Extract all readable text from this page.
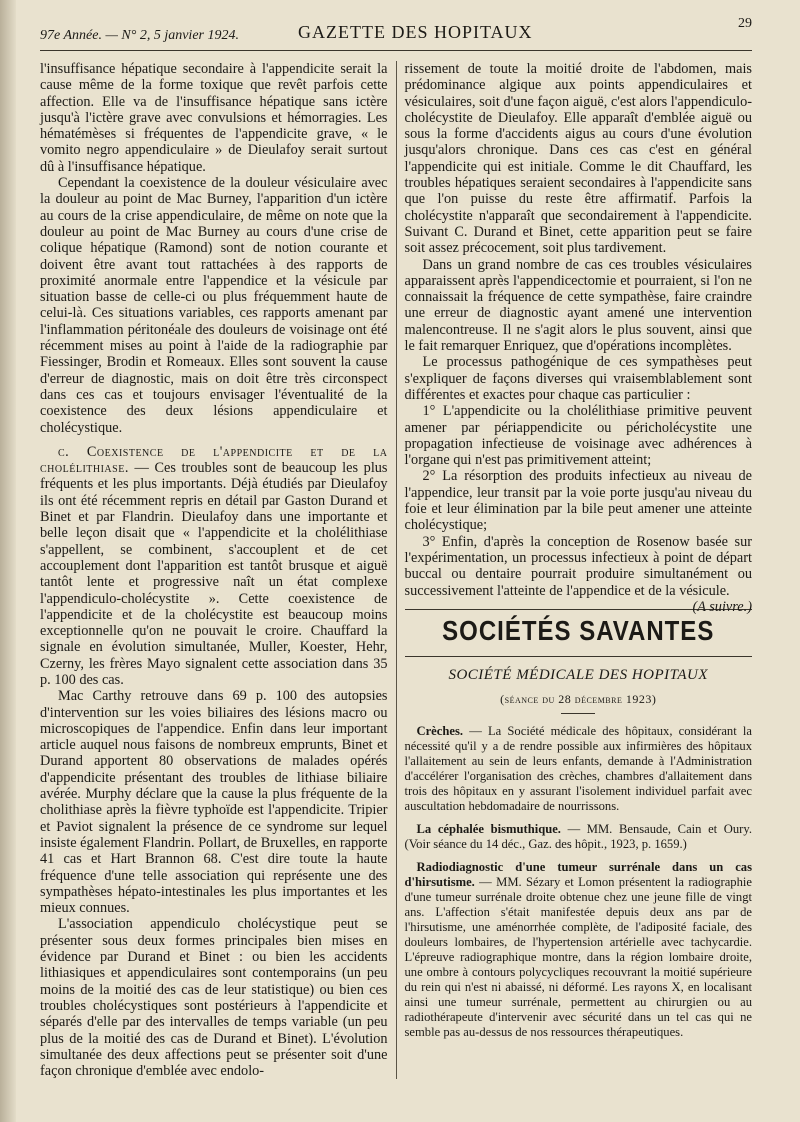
97e Année. — N° 2, 5 janvier 1924.	GAZETTE DES HOPITAUX	29

l'insuffisance hépatique secondaire à l'appendicite serait la cause même de la forme toxique que revêt parfois cette affection. Elle va de l'insuffisance hépatique sans ictère jusqu'à l'ictère grave avec convulsions et hémorragies. Les hématémèses si fréquentes de l'appendicite grave, « le vomito negro appendiculaire » de Dieulafoy serait surtout dû à l'insuffisance hépatique.

Cependant la coexistence de la douleur vésiculaire avec la douleur au point de Mac Burney, l'apparition d'un ictère au cours de la crise appendiculaire, de même on note que la douleur au point de Mac Burney au cours d'une crise de colique hépatique (Ramond) sont de notion courante et doivent être avant tout rattachées à des rapports de proximité anormale entre l'appendice et la vésicule par situation basse de celle-ci ou plus fréquemment haute de celui-là. Ces situations variables, ces rapports amenant par l'inflammation péritonéale des douleurs de voisinage ont été récemment mises au point à l'aide de la radiographie par Fiessinger, Brodin et Romeaux. Elles sont souvent la cause d'erreur de diagnostic, mais on doit être très circonspect dans ces cas et toujours envisager l'éventualité de la coexistence des deux lésions appendiculaire et cholécystique.

c. Coexistence de l'appendicite et de la cholélithiase. — Ces troubles sont de beaucoup les plus fréquents et les plus importants. Déjà étudiés par Dieulafoy ils ont été récemment repris en détail par Gaston Durand et Binet et par Flandrin. Dieulafoy dans une importante et belle leçon disait que « l'appendicite et la cholélithiase s'appellent, se combinent, s'accouplent et de cet accouplement dont l'apparition est tantôt brusque et aiguë tantôt lente et progressive naît un état complexe l'appendiculo-cholécystite ». Cette coexistence de l'appendicite et de la cholécystite est beaucoup moins exceptionnelle qu'on ne pouvait le croire. Chauffard la signale en évolution simultanée, Muller, Koester, Hehr, Czerny, les frères Mayo signalent cette association dans 35 p. 100 des cas.

Mac Carthy retrouve dans 69 p. 100 des autopsies d'intervention sur les voies biliaires des lésions macro ou microscopiques de l'appendice. Enfin dans leur important article auquel nous faisons de nombreux emprunts, Binet et Durand apportent 80 observations de malades opérés d'appendicite présentant des troubles de lithiase biliaire avérée. Murphy déclare que la cause la plus fréquente de la cholithiase après la fièvre typhoïde est l'appendicite. Tripier et Paviot signalent la présence de ce syndrome sur lequel insiste également Flandrin. Pollart, de Bruxelles, en rapporte 41 cas et Hart Brannon 68. C'est dire toute la haute fréquence d'une telle association qui représente une des sympathèses hépato-intestinales les plus importantes et les mieux connues.

L'association appendiculo cholécystique peut se présenter sous deux formes principales bien mises en évidence par Durand et Binet : ou bien les accidents lithiasiques et appendiculaires sont contemporains (un peu moins de la moitié des cas de leur statistique) ou bien ces troubles cholécystiques sont postérieurs à l'appendicite et séparés d'elle par des intervalles de temps variable (un peu plus de la moitié des cas de Durand et Binet). L'évolution simultanée des deux affections peut se présenter soit d'une façon chronique d'emblée avec endolo-

rissement de toute la moitié droite de l'abdomen, mais prédominance algique aux points appendiculaires et vésiculaires, soit d'une façon aiguë, c'est alors l'appendiculo-cholécystite de Dieulafoy. Elle apparaît d'emblée aiguë ou sous la forme d'accidents aigus au cours d'une évolution jusqu'alors chronique. Dans ces cas c'est en général l'appendicite qui est initiale. Comme le dit Chauffard, les troubles hépatiques seraient secondaires à l'appendicite sans que l'on puisse du reste être affirmatif. Parfois la cholécystite n'apparaît que secondairement à l'appendicite. Suivant C. Durand et Binet, cette apparition peut se faire soit assez précocement, soit plus tardivement.

Dans un grand nombre de cas ces troubles vésiculaires apparaissent après l'appendicectomie et pourraient, si l'on ne connaissait la fréquence de cette sympathèse, faire craindre une erreur de diagnostic ayant amené une intervention malencontreuse. Il ne s'agit alors le plus souvent, ainsi que le fait remarquer Enriquez, que d'opérations incomplètes.

Le processus pathogénique de ces sympathèses peut s'expliquer de façons diverses qui vraisemblablement sont différentes et exactes pour chaque cas particulier :

1° L'appendicite ou la cholélithiase primitive peuvent amener par périappendicite ou péricholécystite une propagation infectieuse de voisinage avec adhérences à l'organe qui n'est pas primitivement atteint;

2° La résorption des produits infectieux au niveau de l'appendice, leur transit par la voie porte jusqu'au niveau du foie et leur élimination par la bile peut amener une atteinte cholécystique;

3° Enfin, d'après la conception de Rosenow basée sur l'expérimentation, un processus infectieux à point de départ buccal ou dentaire pourrait produire simultanément ou successivement l'atteinte de l'appendice et de la vésicule.
(A suivre.)

SOCIÉTÉS SAVANTES
SOCIÉTÉ MÉDICALE DES HOPITAUX
(séance du 28 décembre 1923)

Crèches. — La Société médicale des hôpitaux, considérant la nécessité qu'il y a de rendre possible aux infirmières des hôpitaux l'allaitement au sein de leurs enfants, demande à l'Administration d'accélérer l'organisation des crèches, chambres d'allaitement dans trois des hôpitaux en y assurant l'isolement individuel parfait avec auscultation hebdomadaire de nourrissons.

La céphalée bismuthique. — MM. Bensaude, Cain et Oury. (Voir séance du 14 déc., Gaz. des hôpit., 1923, p. 1659.)

Radiodiagnostic d'une tumeur surrénale dans un cas d'hirsutisme. — MM. Sézary et Lomon présentent la radiographie d'une tumeur surrénale droite obtenue chez une jeune fille de vingt ans. L'affection s'était manifestée depuis deux ans par de l'hirsutisme, une aménorrhée complète, de l'adiposité faciale, des douleurs lombaires, de l'hypertension artérielle avec tachycardie. L'épreuve radiographique montre, dans la région lombaire droite, une ombre à contours polycycliques recouvrant la moitié supérieure du rein qui n'est ni abaissé, ni déformé. Les rayons X, en localisant ainsi une tumeur surrénale, permettent au chirurgien ou au radiothérapeute d'intervenir avec sécurité dans un tel cas qui ne semble pas au-dessus de nos ressources thérapeutiques.
